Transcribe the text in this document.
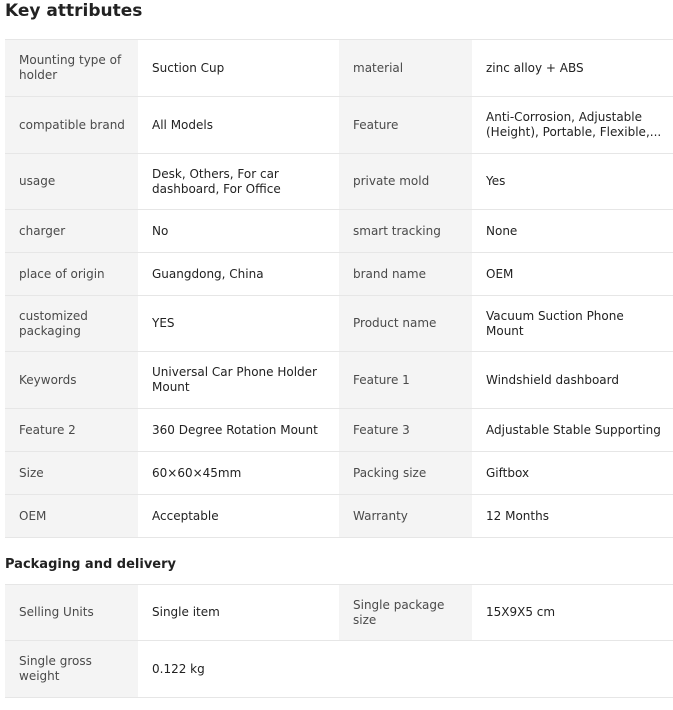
Key attributes
Mounting type of holder	Suction Cup	material	zinc alloy + ABS

compatible brand	All Models	Feature	Anti-Corrosion, Adjustable (Height), Portable, Flexible,...

usage	Desk, Others, For car dashboard, For Office	private mold	Yes

charger	No	smart tracking	None

place of origin	Guangdong, China	brand name	OEM

customized packaging	YES	Product name	Vacuum Suction Phone Mount

Keywords	Universal Car Phone Holder Mount	Feature 1	Windshield dashboard

Feature 2	360 Degree Rotation Mount	Feature 3	Adjustable Stable Supporting

Size	60×60×45mm	Packing size	Giftbox

OEM	Acceptable	Warranty	12 Months
Packaging and delivery
Selling Units	Single item	Single package size	15X9X5 cm

Single gross weight	0.122 kg		
